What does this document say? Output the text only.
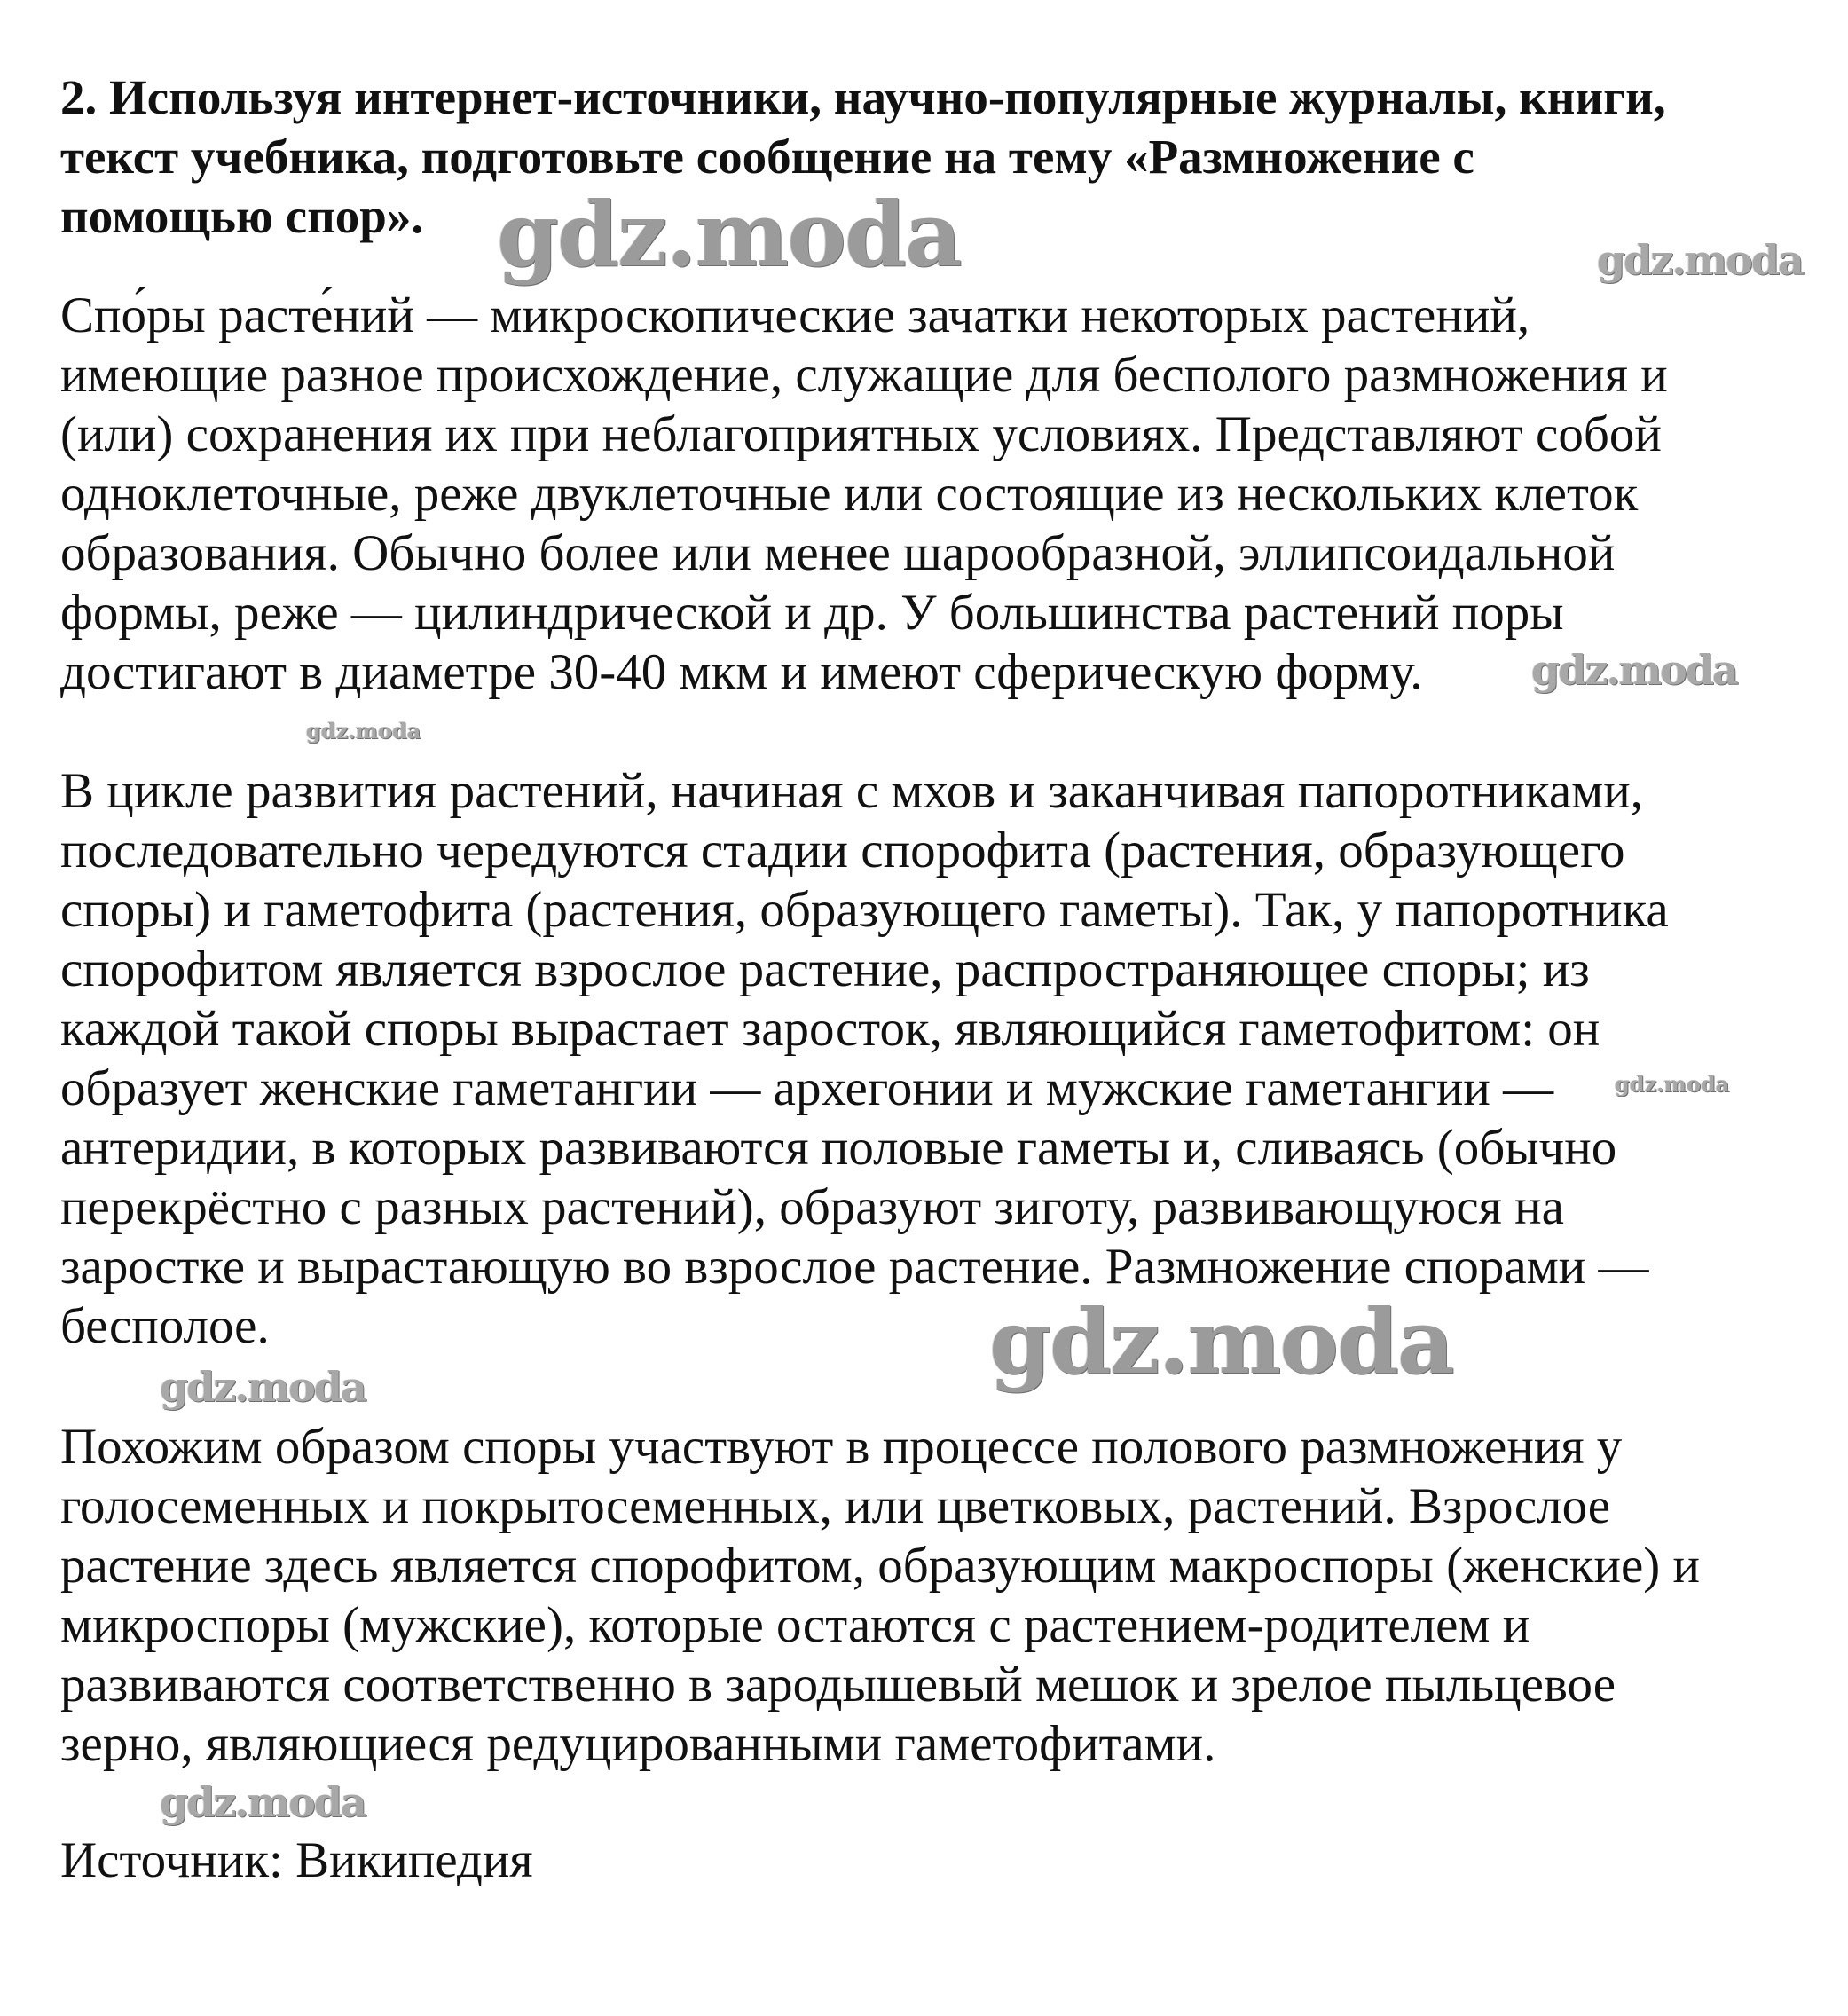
2. Используя интернет-источники, научно-популярные журналы, книги,
текст учебника, подготовьте сообщение на тему «Размножение с
помощью спор».
Спо́ры расте́ний — микроскопические зачатки некоторых растений,
имеющие разное происхождение, служащие для бесполого размножения и
(или) сохранения их при неблагоприятных условиях. Представляют собой
одноклеточные, реже двуклеточные или состоящие из нескольких клеток
образования. Обычно более или менее шарообразной, эллипсоидальной
формы, реже — цилиндрической и др. У большинства растений поры
достигают в диаметре 30-40 мкм и имеют сферическую форму.
В цикле развития растений, начиная с мхов и заканчивая папоротниками,
последовательно чередуются стадии спорофита (растения, образующего
споры) и гаметофита (растения, образующего гаметы). Так, у папоротника
спорофитом является взрослое растение, распространяющее споры; из
каждой такой споры вырастает заросток, являющийся гаметофитом: он
образует женские гаметангии — архегонии и мужские гаметангии —
антеридии, в которых развиваются половые гаметы и, сливаясь (обычно
перекрёстно с разных растений), образуют зиготу, развивающуюся на
заростке и вырастающую во взрослое растение. Размножение спорами —
бесполое.
Похожим образом споры участвуют в процессе полового размножения у
голосеменных и покрытосеменных, или цветковых, растений. Взрослое
растение здесь является спорофитом, образующим макроспоры (женские) и
микроспоры (мужские), которые остаются с растением-родителем и
развиваются соответственно в зародышевый мешок и зрелое пыльцевое
зерно, являющиеся редуцированными гаметофитами.
Источник: Википедия
gdz.moda	gdz.moda
gdz.moda
gdz.moda
gdz.moda
gdz.moda
gdz.moda
gdz.moda
